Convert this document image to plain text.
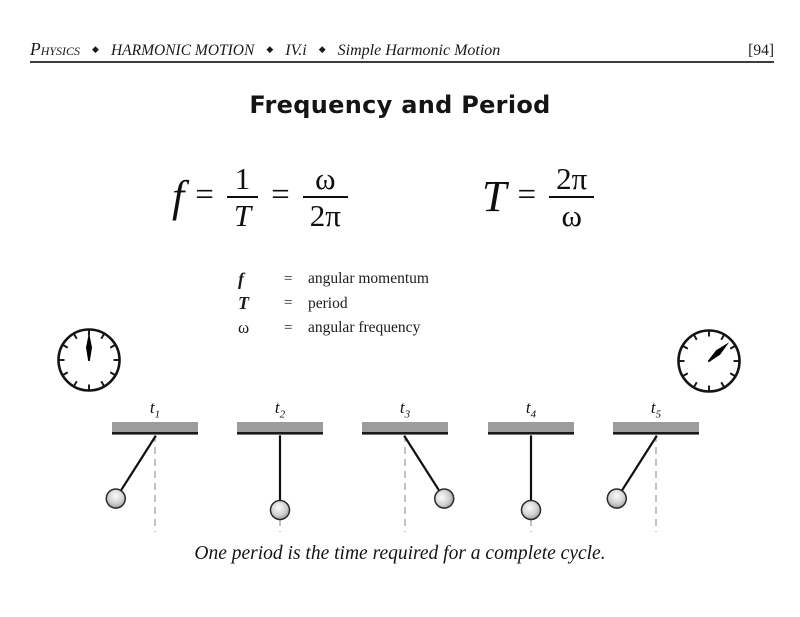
Physics ◆ HARMONIC MOTION ◆ IV.i ◆ Simple Harmonic Motion	[94]
Frequency and Period
$f = \frac{1}{T} = \frac{\omega}{2\pi}$	$T = \frac{2\pi}{\omega}$
f	=	angular momentum
T	=	period
ω	=	angular frequency
$t_1$	$t_2$	$t_3$	$t_4$	$t_5$
One period is the time required for a complete cycle.
